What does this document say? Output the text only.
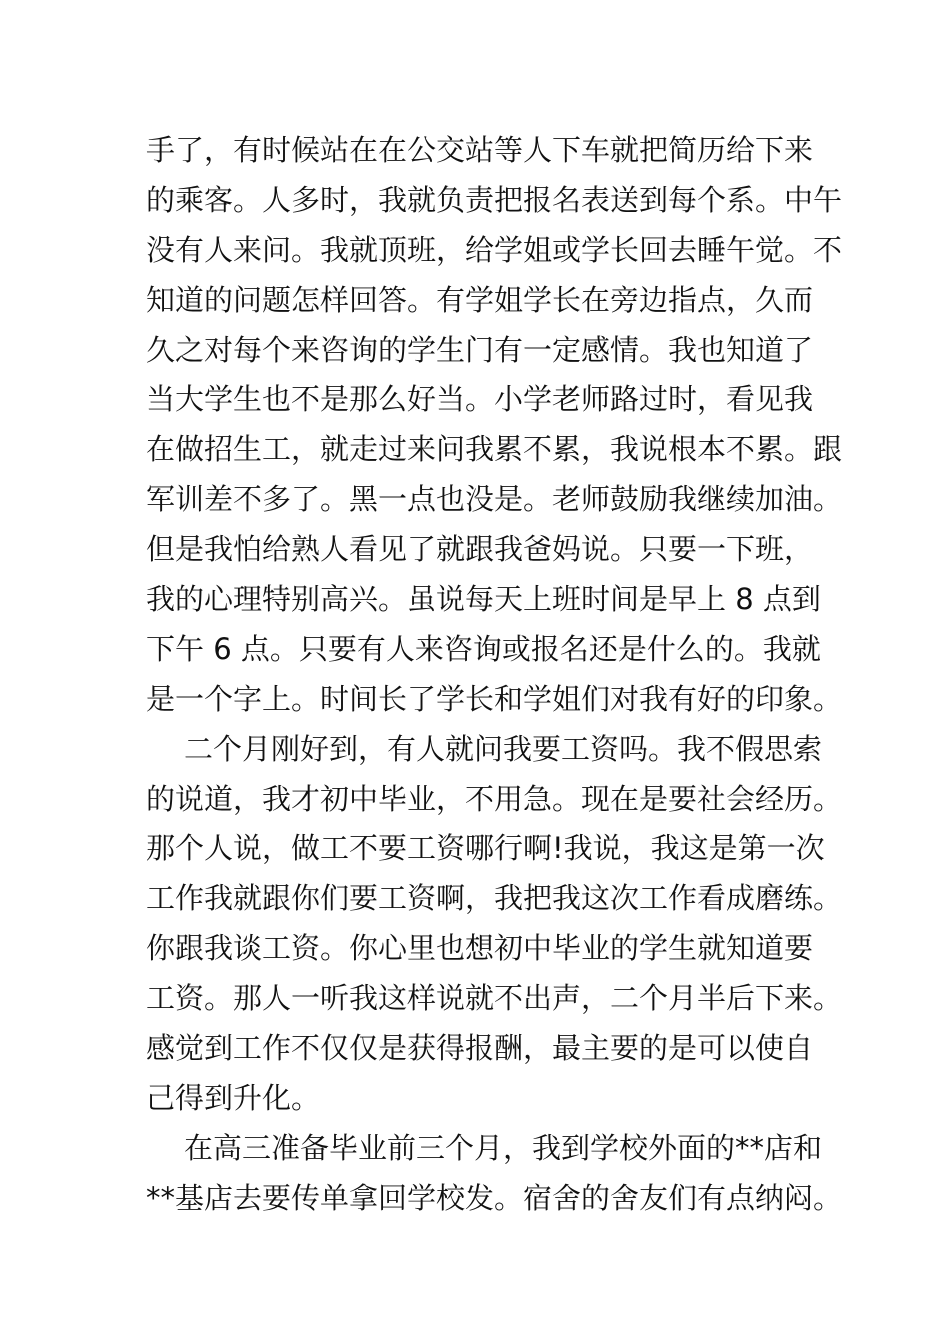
手了，有时候站在在公交站等人下车就把简历给下来
的乘客。人多时，我就负责把报名表送到每个系。中午
没有人来问。我就顶班，给学姐或学长回去睡午觉。不
知道的问题怎样回答。有学姐学长在旁边指点，久而
久之对每个来咨询的学生门有一定感情。我也知道了
当大学生也不是那么好当。小学老师路过时，看见我
在做招生工，就走过来问我累不累，我说根本不累。跟
军训差不多了。黑一点也没是。老师鼓励我继续加油。
但是我怕给熟人看见了就跟我爸妈说。只要一下班，
我的心理特别高兴。虽说每天上班时间是早上 8 点到
下午 6 点。只要有人来咨询或报名还是什么的。我就
是一个字上。时间长了学长和学姐们对我有好的印象。
二个月刚好到，有人就问我要工资吗。我不假思索
的说道，我才初中毕业，不用急。现在是要社会经历。
那个人说，做工不要工资哪行啊!我说，我这是第一次
工作我就跟你们要工资啊，我把我这次工作看成磨练。
你跟我谈工资。你心里也想初中毕业的学生就知道要
工资。那人一听我这样说就不出声，二个月半后下来。
感觉到工作不仅仅是获得报酬，最主要的是可以使自
己得到升化。
在高三准备毕业前三个月，我到学校外面的**店和
**基店去要传单拿回学校发。宿舍的舍友们有点纳闷。
